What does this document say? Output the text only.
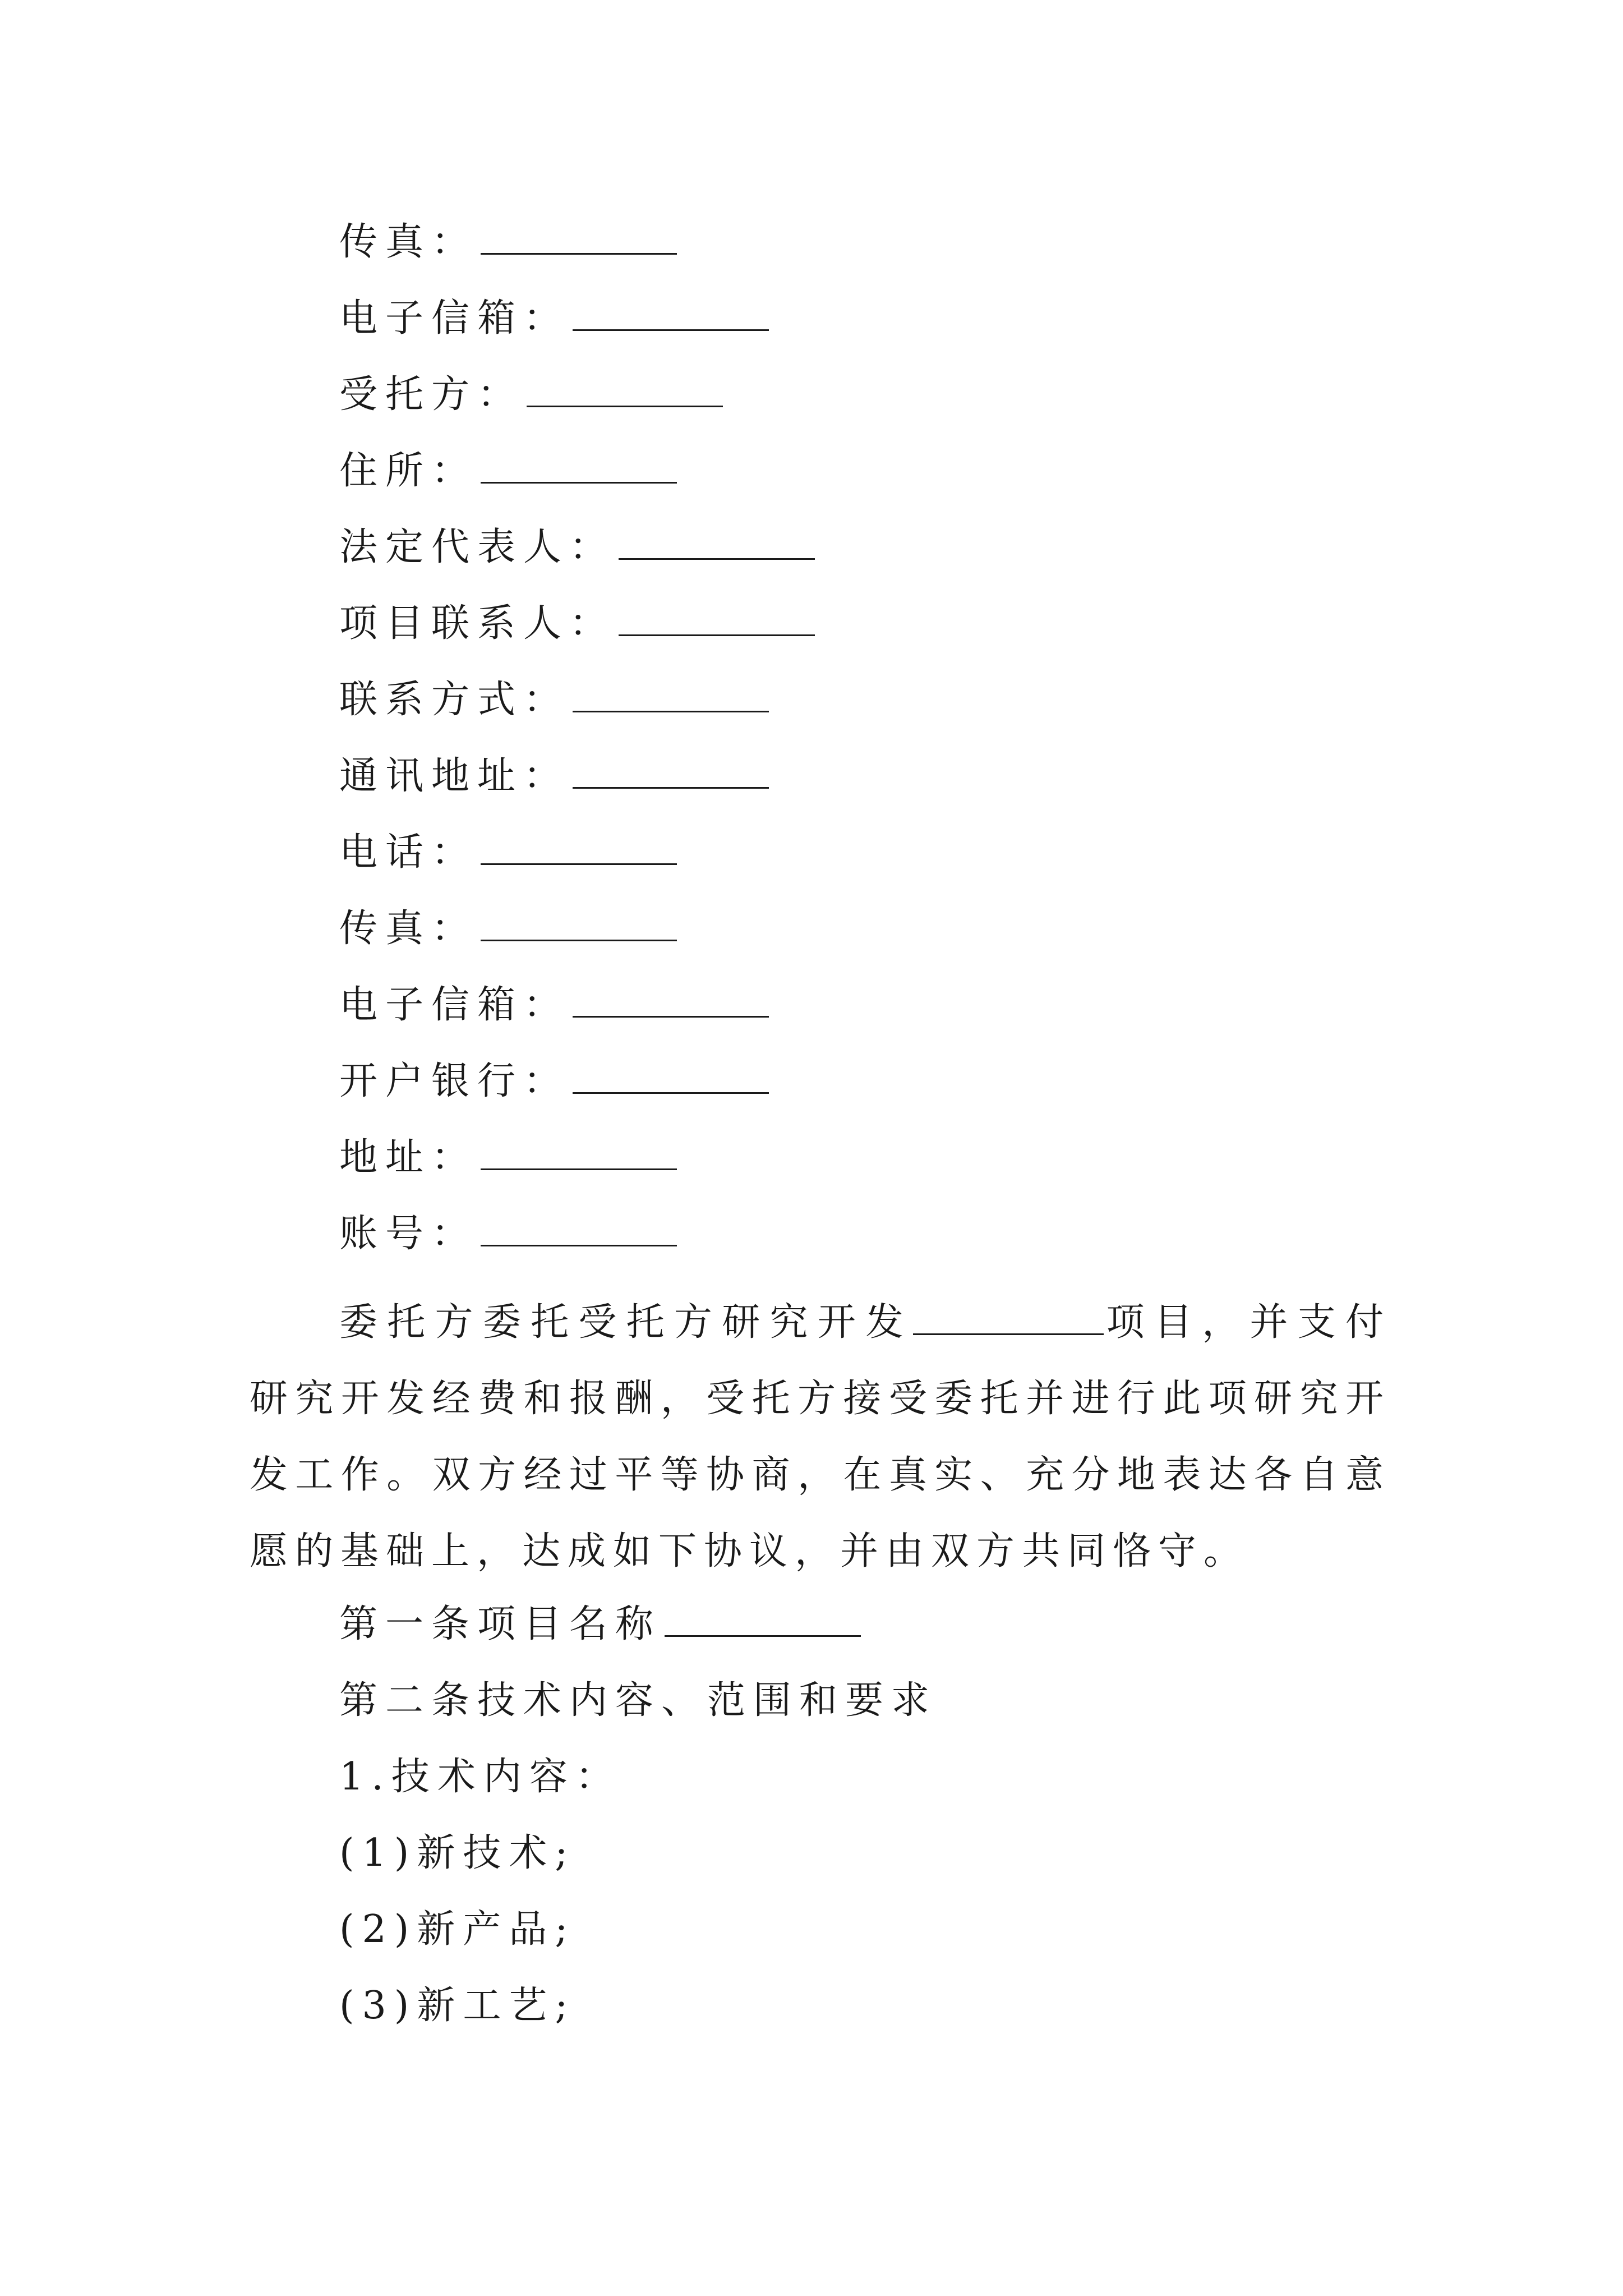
传真：
电子信箱：
受托方：
住所：
法定代表人：
项目联系人：
联系方式：
通讯地址：
电话：
传真：
电子信箱：
开户银行：
地址：
账号：
委托方委托受托方研究开发	项目，并支付研究开发经费和报酬，受托方接受委托并进行此项研究开发工作。双方经过平等协商，在真实、充分地表达各自意愿的基础上，达成如下协议，并由双方共同恪守。
第一条项目名称
第二条技术内容、范围和要求
1.技术内容：
(1)新技术;
(2)新产品;
(3)新工艺;
